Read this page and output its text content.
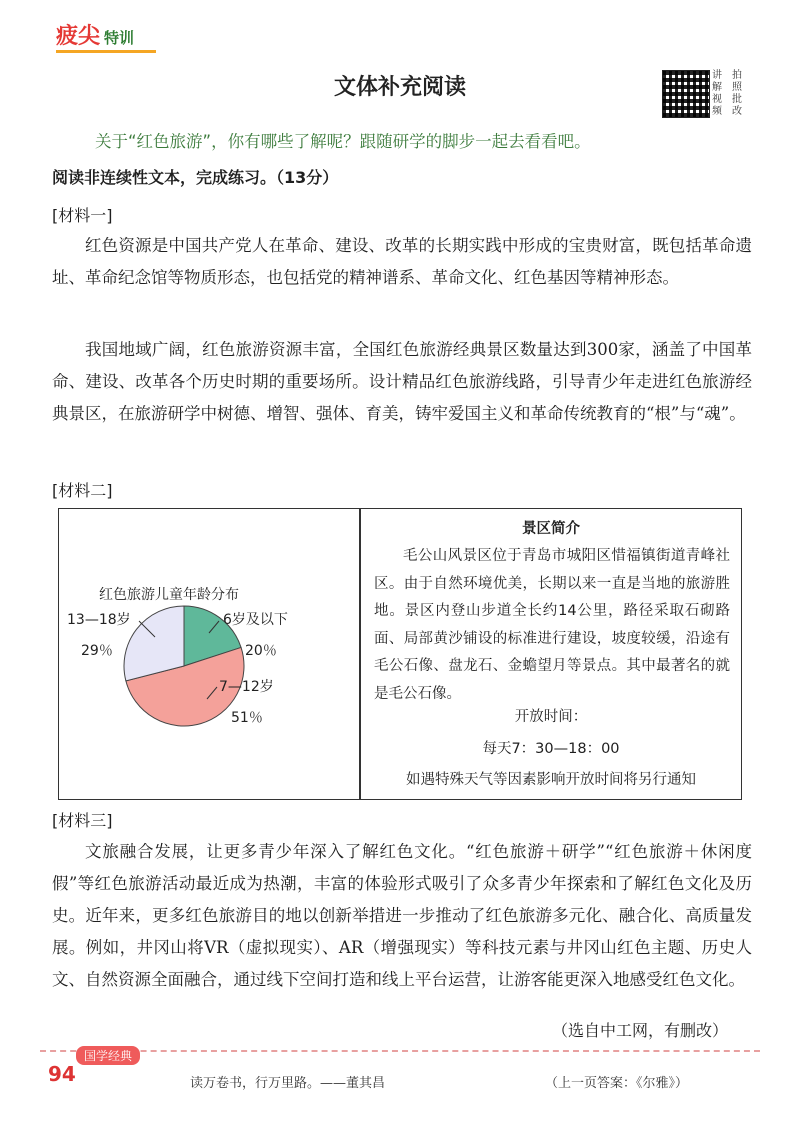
疲尖 特训
文体补充阅读	讲	拍
解	照
视	批
频	改
关于“红色旅游”，你有哪些了解呢？跟随研学的脚步一起去看看吧。
阅读非连续性文本，完成练习。（13分）
[材料一]
红色资源是中国共产党人在革命、建设、改革的长期实践中形成的宝贵财富，既包括革命遗址、革命纪念馆等物质形态，也包括党的精神谱系、革命文化、红色基因等精神形态。
我国地域广阔，红色旅游资源丰富，全国红色旅游经典景区数量达到300家，涵盖了中国革命、建设、改革各个历史时期的重要场所。设计精品红色旅游线路，引导青少年走进红色旅游经典景区，在旅游研学中树德、增智、强体、育美，铸牢爱国主义和革命传统教育的“根”与“魂”。
[材料二]
红色旅游儿童年龄分布
6岁及以下
20％
7—12岁
51％
13—18岁
29％
景区简介
毛公山风景区位于青岛市城阳区惜福镇街道青峰社区。由于自然环境优美，长期以来一直是当地的旅游胜地。景区内登山步道全长约14公里，路径采取石砌路面、局部黄沙铺设的标准进行建设，坡度较缓，沿途有毛公石像、盘龙石、金蟾望月等景点。其中最著名的就是毛公石像。
开放时间：
每天7：30—18：00
如遇特殊天气等因素影响开放时间将另行通知
[材料三]
文旅融合发展，让更多青少年深入了解红色文化。“红色旅游＋研学”“红色旅游＋休闲度假”等红色旅游活动最近成为热潮，丰富的体验形式吸引了众多青少年探索和了解红色文化及历史。近年来，更多红色旅游目的地以创新举措进一步推动了红色旅游多元化、融合化、高质量发展。例如，井冈山将VR（虚拟现实）、AR（增强现实）等科技元素与井冈山红色主题、历史人文、自然资源全面融合，通过线下空间打造和线上平台运营，让游客能更深入地感受红色文化。
（选自中工网，有删改）
国学经典
94	读万卷书，行万里路。——董其昌	（上一页答案：《尔雅》）
